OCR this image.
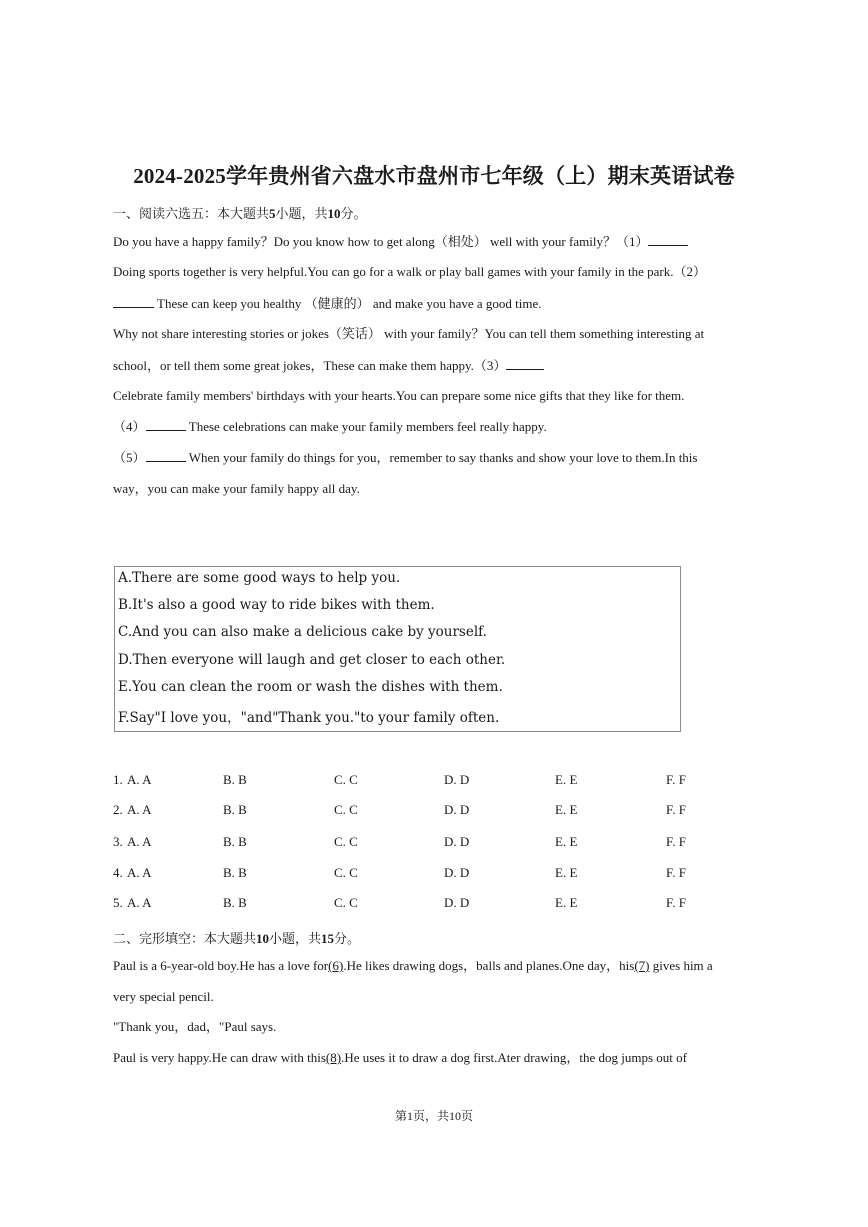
2024-2025学年贵州省六盘水市盘州市七年级（上）期末英语试卷
一、阅读六选五：本大题共5小题，共10分。
Do you have a happy family？Do you know how to get along（相处） well with your family？（1）
Doing sports together is very helpful.You can go for a walk or play ball games with your family in the park.（2）
These can keep you healthy （健康的） and make you have a good time.
Why not share interesting stories or jokes（笑话） with your family？You can tell them something interesting at
school，or tell them some great jokes，These can make them happy.（3）
Celebrate family members' birthdays with your hearts.You can prepare some nice gifts that they like for them.
（4）	These celebrations can make your family members feel really happy.
（5）	When your family do things for you，remember to say thanks and show your love to them.In this
way，you can make your family happy all day.
A.There are some good ways to help you.
B.It's also a good way to ride bikes with them.
C.And you can also make a delicious cake by yourself.
D.Then everyone will laugh and get closer to each other.
E.You can clean the room or wash the dishes with them.
F.Say"I love you，"and"Thank you."to your family often.
1. A. A	B. B	C. C	D. D	E. E	F. F
2. A. A	B. B	C. C	D. D	E. E	F. F
3. A. A	B. B	C. C	D. D	E. E	F. F
4. A. A	B. B	C. C	D. D	E. E	F. F
5. A. A	B. B	C. C	D. D	E. E	F. F
二、完形填空：本大题共10小题，共15分。
Paul is a 6-year-old boy.He has a love for(6).He likes drawing dogs，balls and planes.One day，his(7) gives him a
very special pencil.
"Thank you，dad，"Paul says.
Paul is very happy.He can draw with this(8).He uses it to draw a dog first.Ater drawing，the dog jumps out of
第1页，共10页
